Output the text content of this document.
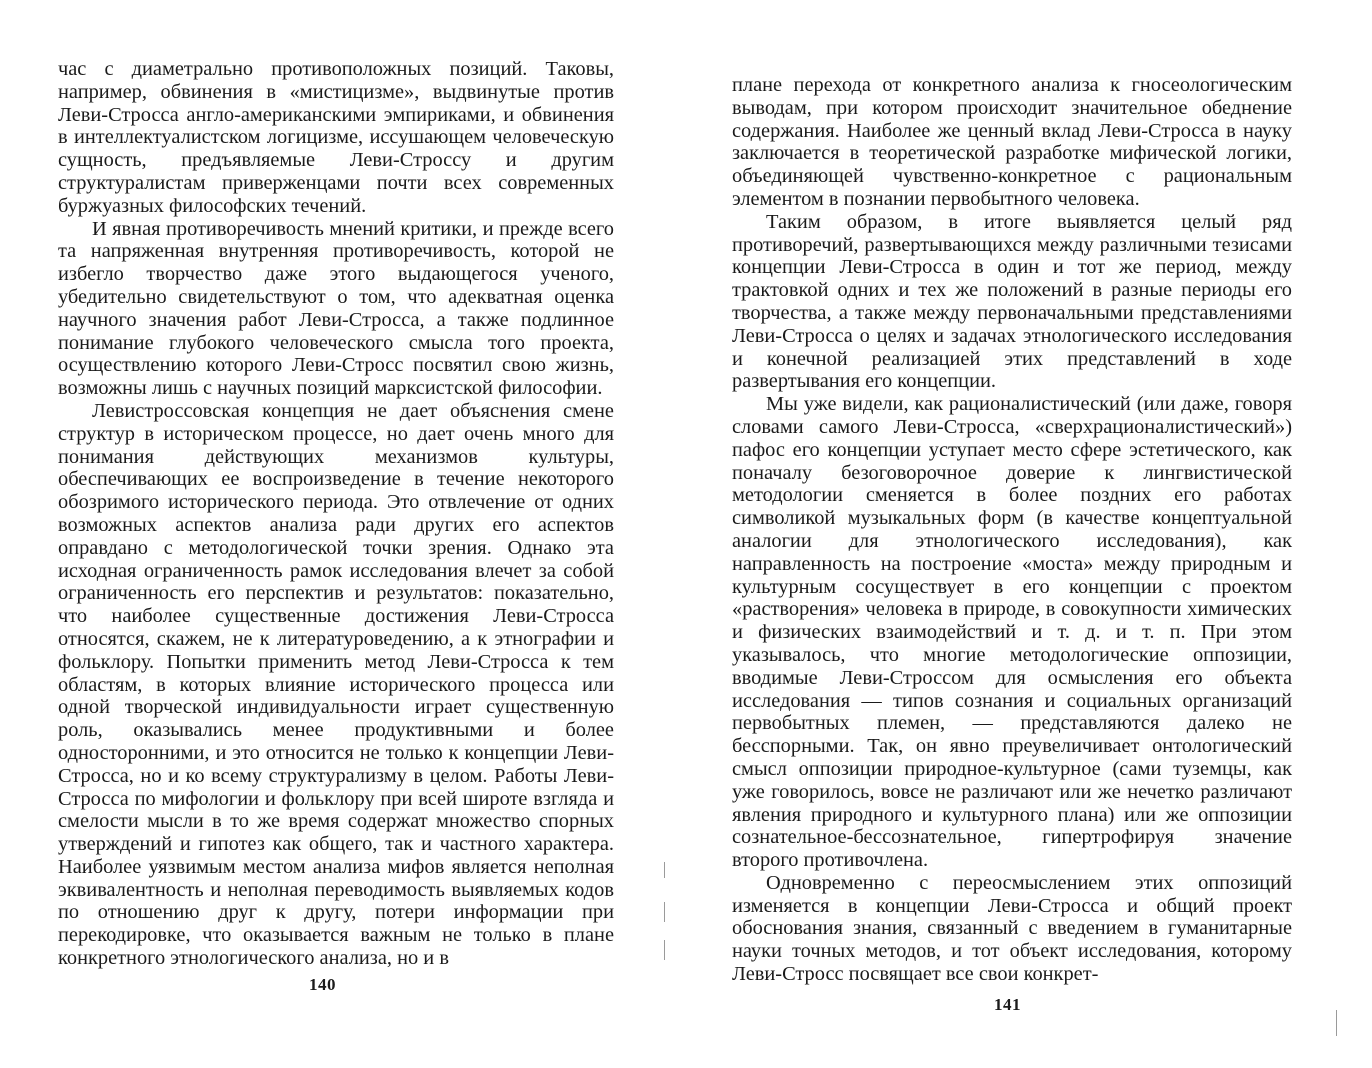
час с диаметрально противоположных позиций. Таковы, например, обвинения в «мистицизме», выдвинутые против Леви-Стросса англо-американскими эмпириками, и обвинения в интеллектуалистском логицизме, иссушающем человеческую сущность, предъявляемые Леви-Строссу и другим структуралистам приверженцами почти всех современных буржуазных философских течений.

И явная противоречивость мнений критики, и прежде всего та напряженная внутренняя противоречивость, которой не избегло творчество даже этого выдающегося ученого, убедительно свидетельствуют о том, что адекватная оценка научного значения работ Леви-Стросса, а также подлинное понимание глубокого человеческого смысла того проекта, осуществлению которого Леви-Стросс посвятил свою жизнь, возможны лишь с научных позиций марксистской философии.

Левистроссовская концепция не дает объяснения смене структур в историческом процессе, но дает очень много для понимания действующих механизмов культуры, обеспечивающих ее воспроизведение в течение некоторого обозримого исторического периода. Это отвлечение от одних возможных аспектов анализа ради других его аспектов оправдано с методологической точки зрения. Однако эта исходная ограниченность рамок исследования влечет за собой ограниченность его перспектив и результатов: показательно, что наиболее существенные достижения Леви-Стросса относятся, скажем, не к литературоведению, а к этнографии и фольклору. Попытки применить метод Леви-Стросса к тем областям, в которых влияние исторического процесса или одной творческой индивидуальности играет существенную роль, оказывались менее продуктивными и более односторонними, и это относится не только к концепции Леви-Стросса, но и ко всему структурализму в целом. Работы Леви-Стросса по мифологии и фольклору при всей широте взгляда и смелости мысли в то же время содержат множество спорных утверждений и гипотез как общего, так и частного характера. Наиболее уязвимым местом анализа мифов является неполная эквивалентность и неполная переводимость выявляемых кодов по отношению друг к другу, потери информации при перекодировке, что оказывается важным не только в плане конкретного этнологического анализа, но и в

140

плане перехода от конкретного анализа к гносеологическим выводам, при котором происходит значительное обеднение содержания. Наиболее же ценный вклад Леви-Стросса в науку заключается в теоретической разработке мифической логики, объединяющей чувственно-конкретное с рациональным элементом в познании первобытного человека.

Таким образом, в итоге выявляется целый ряд противоречий, развертывающихся между различными тезисами концепции Леви-Стросса в один и тот же период, между трактовкой одних и тех же положений в разные периоды его творчества, а также между первоначальными представлениями Леви-Стросса о целях и задачах этнологического исследования и конечной реализацией этих представлений в ходе развертывания его концепции.

Мы уже видели, как рационалистический (или даже, говоря словами самого Леви-Стросса, «сверхрационалистический») пафос его концепции уступает место сфере эстетического, как поначалу безоговорочное доверие к лингвистической методологии сменяется в более поздних его работах символикой музыкальных форм (в качестве концептуальной аналогии для этнологического исследования), как направленность на построение «моста» между природным и культурным сосуществует в его концепции с проектом «растворения» человека в природе, в совокупности химических и физических взаимодействий и т. д. и т. п. При этом указывалось, что многие методологические оппозиции, вводимые Леви-Строссом для осмысления его объекта исследования — типов сознания и социальных организаций первобытных племен, — представляются далеко не бесспорными. Так, он явно преувеличивает онтологический смысл оппозиции природное-культурное (сами туземцы, как уже говорилось, вовсе не различают или же нечетко различают явления природного и культурного плана) или же оппозиции сознательное-бессознательное, гипертрофируя значение второго противочлена.

Одновременно с переосмыслением этих оппозиций изменяется в концепции Леви-Стросса и общий проект обоснования знания, связанный с введением в гуманитарные науки точных методов, и тот объект исследования, которому Леви-Стросс посвящает все свои конкрет-

141
